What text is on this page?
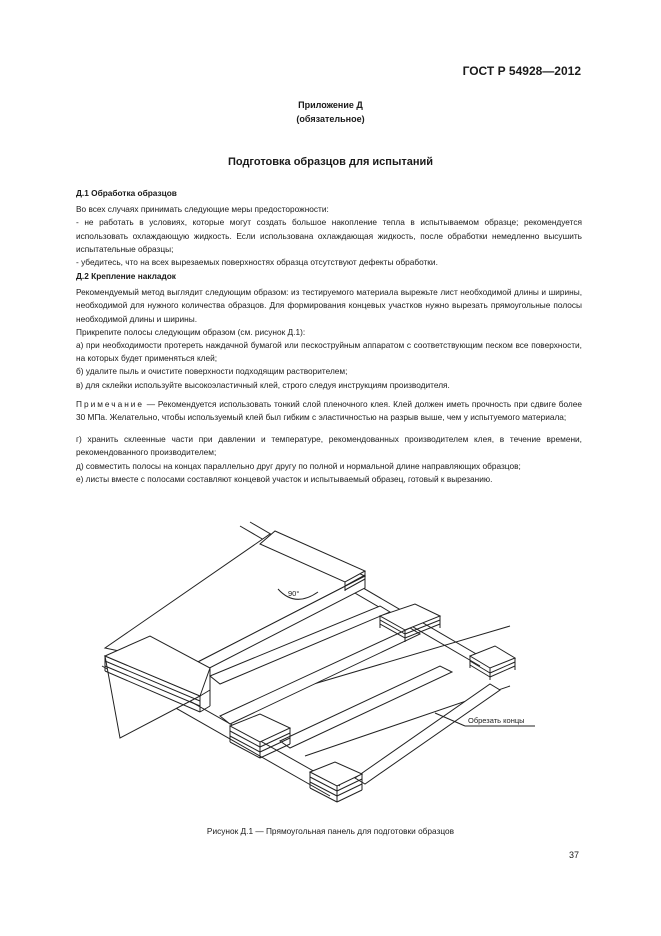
ГОСТ Р 54928—2012
Приложение Д
(обязательное)
Подготовка образцов для испытаний

Д.1 Обработка образцов

Во всех случаях принимать следующие меры предосторожности:

- не работать в условиях, которые могут создать большое накопление тепла в испытываемом образце; рекомендуется использовать охлаждающую жидкость. Если использована охлаждающая жидкость, после обработки немедленно высушить испытательные образцы;

- убедитесь, что на всех вырезаемых поверхностях образца отсутствуют дефекты обработки.

Д.2 Крепление накладок

Рекомендуемый метод выглядит следующим образом: из тестируемого материала вырежьте лист необходимой длины и ширины, необходимой для нужного количества образцов. Для формирования концевых участков нужно вырезать прямоугольные полосы необходимой длины и ширины.

Прикрепите полосы следующим образом (см. рисунок Д.1):

а) при необходимости протереть наждачной бумагой или пескоструйным аппаратом с соответствующим песком все поверхности, на которых будет применяться клей;

б) удалите пыль и очистите поверхности подходящим растворителем;

в) для склейки используйте высокоэластичный клей, строго следуя инструкциям производителя.

Примечание — Рекомендуется использовать тонкий слой пленочного клея. Клей должен иметь прочность при сдвиге более 30 МПа. Желательно, чтобы используемый клей был гибким с эластичностью на разрыв выше, чем у испытуемого материала;

г) хранить склеенные части при давлении и температуре, рекомендованных производителем клея, в течение времени, рекомендованного производителем;

д) совместить полосы на концах параллельно друг другу по полной и нормальной длине направляющих образцов;

е) листы вместе с полосами составляют концевой участок и испытываемый образец, готовый к вырезанию.

90°
Обрезать концы
Рисунок Д.1 — Прямоугольная панель для подготовки образцов
37
